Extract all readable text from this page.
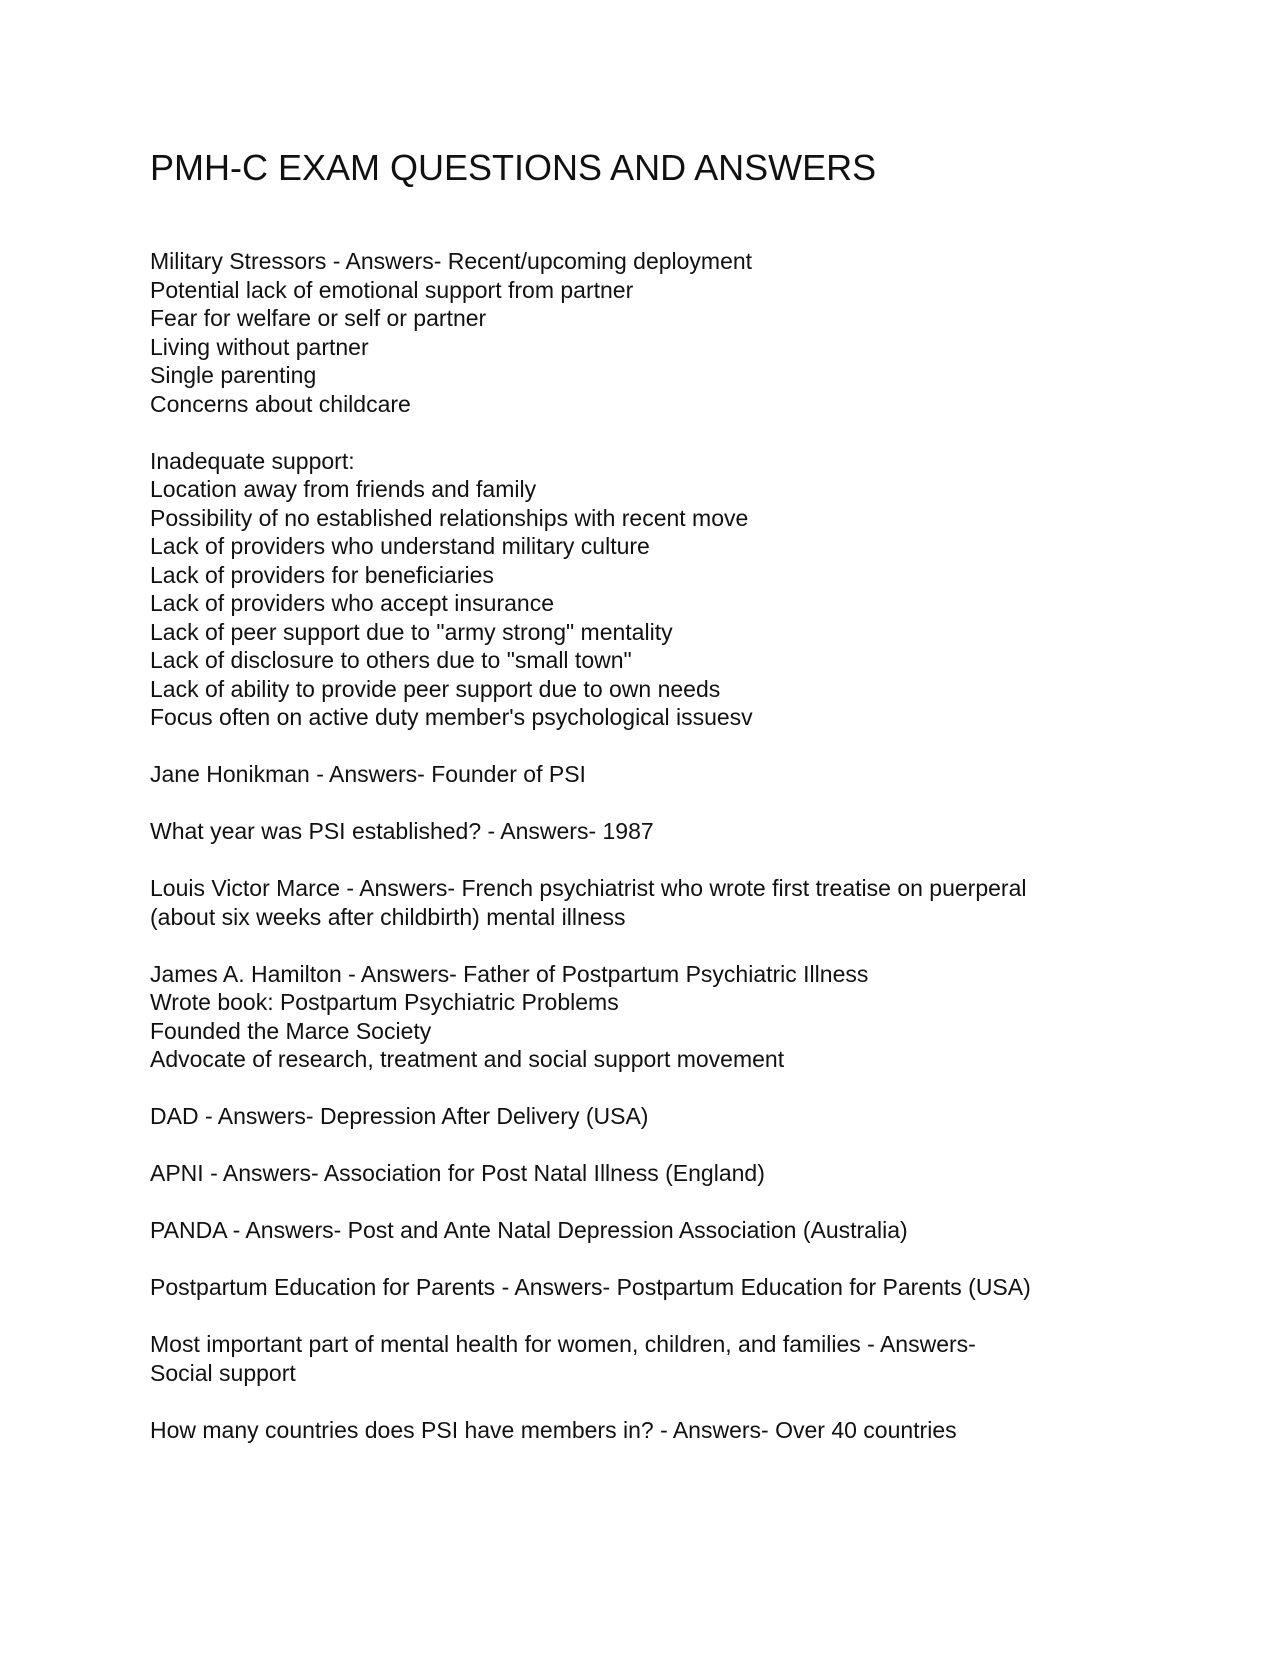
PMH-C EXAM QUESTIONS AND ANSWERS
Military Stressors - Answers- Recent/upcoming deployment
Potential lack of emotional support from partner
Fear for welfare or self or partner
Living without partner
Single parenting
Concerns about childcare
Inadequate support:
Location away from friends and family
Possibility of no established relationships with recent move
Lack of providers who understand military culture
Lack of providers for beneficiaries
Lack of providers who accept insurance
Lack of peer support due to "army strong" mentality
Lack of disclosure to others due to "small town"
Lack of ability to provide peer support due to own needs
Focus often on active duty member's psychological issuesv
Jane Honikman - Answers- Founder of PSI
What year was PSI established? - Answers- 1987
Louis Victor Marce - Answers- French psychiatrist who wrote first treatise on puerperal
(about six weeks after childbirth) mental illness
James A. Hamilton - Answers- Father of Postpartum Psychiatric Illness
Wrote book: Postpartum Psychiatric Problems
Founded the Marce Society
Advocate of research, treatment and social support movement
DAD - Answers- Depression After Delivery (USA)
APNI - Answers- Association for Post Natal Illness (England)
PANDA - Answers- Post and Ante Natal Depression Association (Australia)
Postpartum Education for Parents - Answers- Postpartum Education for Parents (USA)
Most important part of mental health for women, children, and families - Answers-
Social support
How many countries does PSI have members in? - Answers- Over 40 countries
